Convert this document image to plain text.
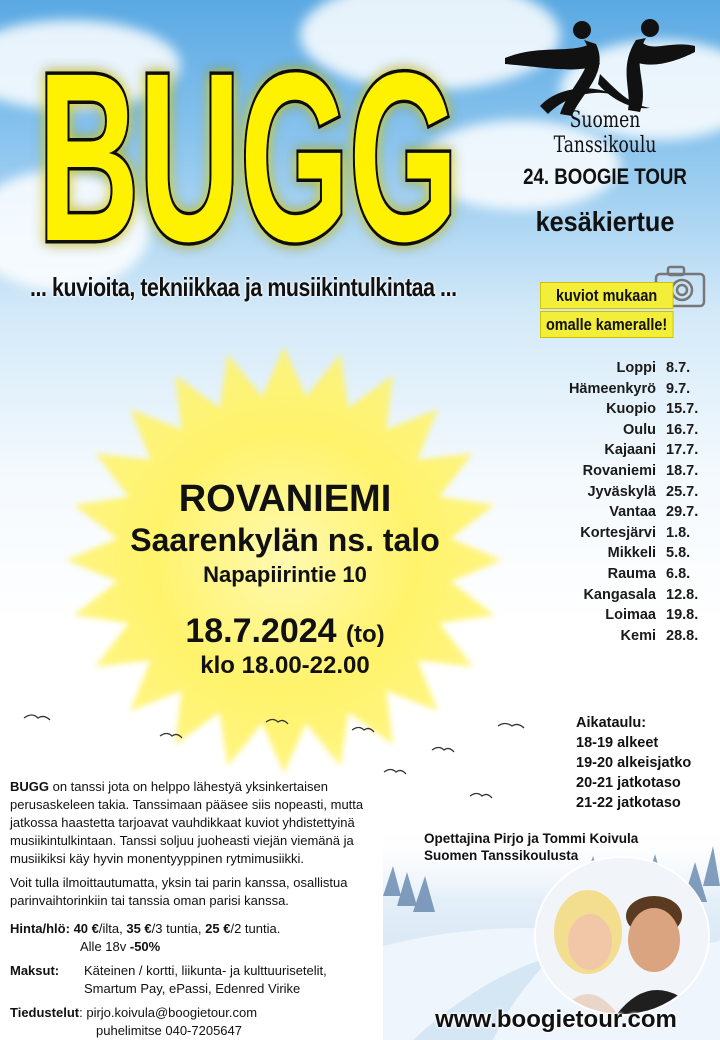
BUGG
... kuvioita, tekniikkaa ja musiikintulkintaa ...
Suomen Tanssikoulu
24. BOOGIE TOUR
kesäkiertue
kuviot mukaan
omalle kameralle!
Loppi 8.7.
Hämeenkyrö 9.7.
Kuopio 15.7.
Oulu 16.7.
Kajaani 17.7.
Rovaniemi 18.7.
Jyväskylä 25.7.
Vantaa 29.7.
Kortesjärvi 1.8.
Mikkeli 5.8.
Rauma 6.8.
Kangasala 12.8.
Loimaa 19.8.
Kemi 28.8.
ROVANIEMI
Saarenkylän ns. talo
Napapiirintie 10
18.7.2024 (to)
klo 18.00-22.00
Aikataulu:
18-19 alkeet
19-20 alkeisjatko
20-21 jatkotaso
21-22 jatkotaso

BUGG on tanssi jota on helppo lähestyä yksinkertaisen perusaskeleen takia. Tanssimaan pääsee siis nopeasti, mutta jatkossa haastetta tarjoavat vauhdikkaat kuviot yhdistettyinä musiikintulkintaan. Tanssi soljuu juoheasti viejän viemänä ja musiikiksi käy hyvin monentyyppinen rytmimusiikki.

Voit tulla ilmoittautumatta, yksin tai parin kanssa, osallistua parinvaihtorinkiin tai tanssia oman parisi kanssa.

Hinta/hlö: 40 €/ilta, 35 €/3 tuntia, 25 €/2 tuntia.
Alle 18v -50%
Maksut:	Käteinen / kortti, liikunta- ja kulttuurisetelit,
Smartum Pay, ePassi, Edenred Virike
Tiedustelut: pirjo.koivula@boogietour.com
puhelimitse 040-7205647
Opettajina Pirjo ja Tommi Koivula
Suomen Tanssikoulusta
www.boogietour.com
